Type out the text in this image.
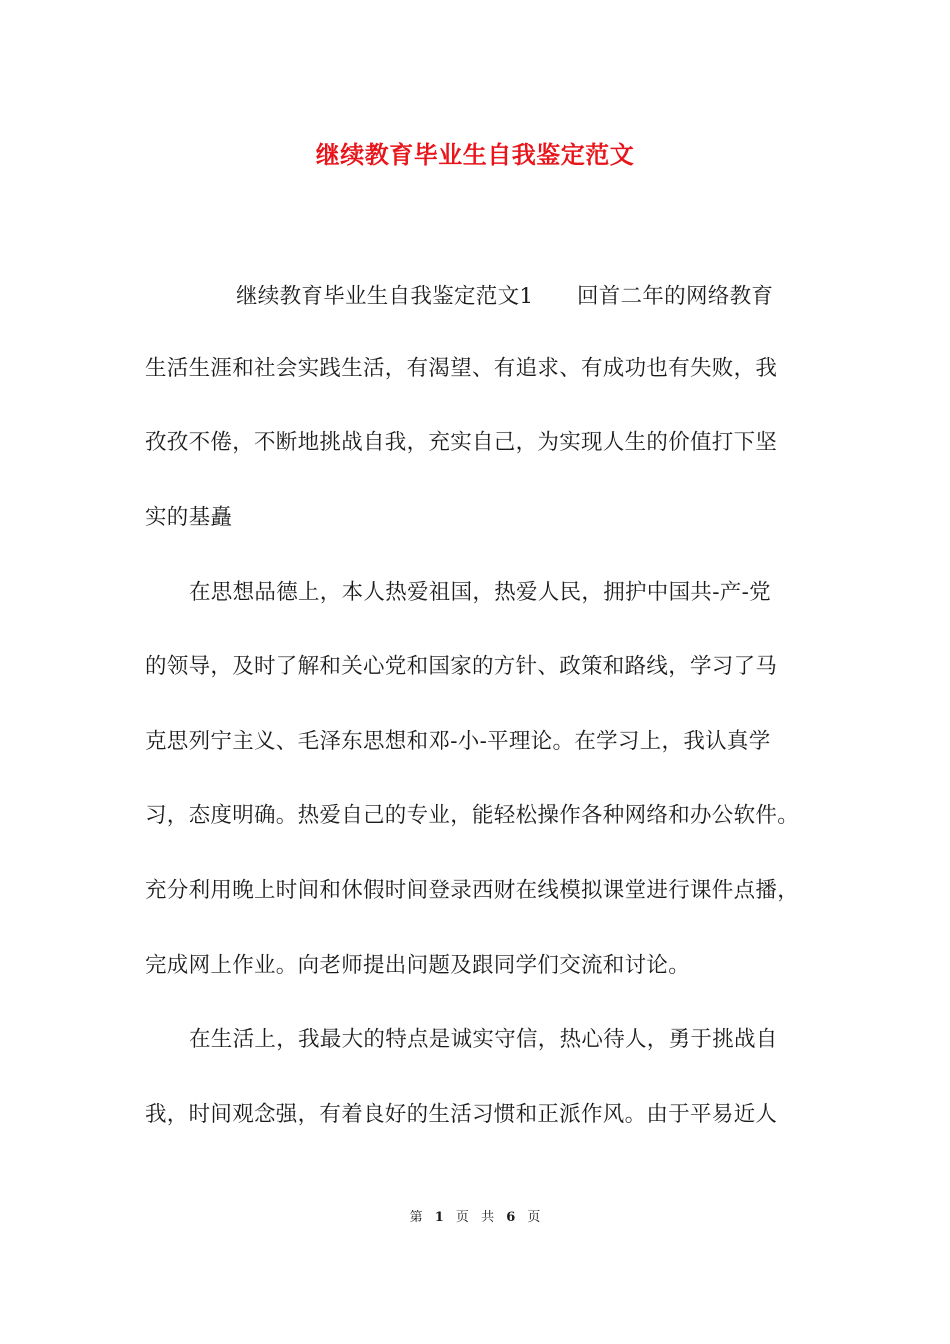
继续教育毕业生自我鉴定范文
继续教育毕业生自我鉴定范文1　　回首二年的网络教育
生活生涯和社会实践生活，有渴望、有追求、有成功也有失败，我
孜孜不倦，不断地挑战自我，充实自己，为实现人生的价值打下坚
实的基矗
在思想品德上，本人热爱祖国，热爱人民，拥护中国共-产-党
的领导，及时了解和关心党和国家的方针、政策和路线，学习了马
克思列宁主义、毛泽东思想和邓-小-平理论。在学习上，我认真学
习，态度明确。热爱自己的专业，能轻松操作各种网络和办公软件。
充分利用晚上时间和休假时间登录西财在线模拟课堂进行课件点播，
完成网上作业。向老师提出问题及跟同学们交流和讨论。
在生活上，我最大的特点是诚实守信，热心待人，勇于挑战自
我，时间观念强，有着良好的生活习惯和正派作风。由于平易近人
第 1 页 共 6 页
